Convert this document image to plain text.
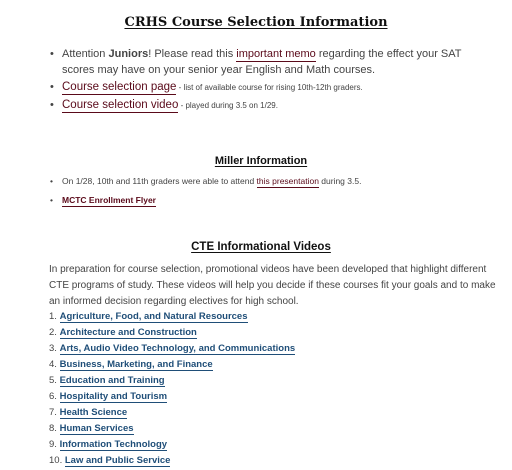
CRHS Course Selection Information
• Attention Juniors! Please read this important memo regarding the effect your SAT scores may have on your senior year English and Math courses.
• Course selection page - list of available course for rising 10th-12th graders.
• Course selection video - played during 3.5 on 1/29.
Miller Information
• On 1/28, 10th and 11th graders were able to attend this presentation during 3.5.
• MCTC Enrollment Flyer
CTE Informational Videos
In preparation for course selection, promotional videos have been developed that highlight different CTE programs of study. These videos will help you decide if these courses fit your goals and to make an informed decision regarding electives for high school.
1. Agriculture, Food, and Natural Resources
2. Architecture and Construction
3. Arts, Audio Video Technology, and Communications
4. Business, Marketing, and Finance
5. Education and Training
6. Hospitality and Tourism
7. Health Science
8. Human Services
9. Information Technology
10. Law and Public Service
